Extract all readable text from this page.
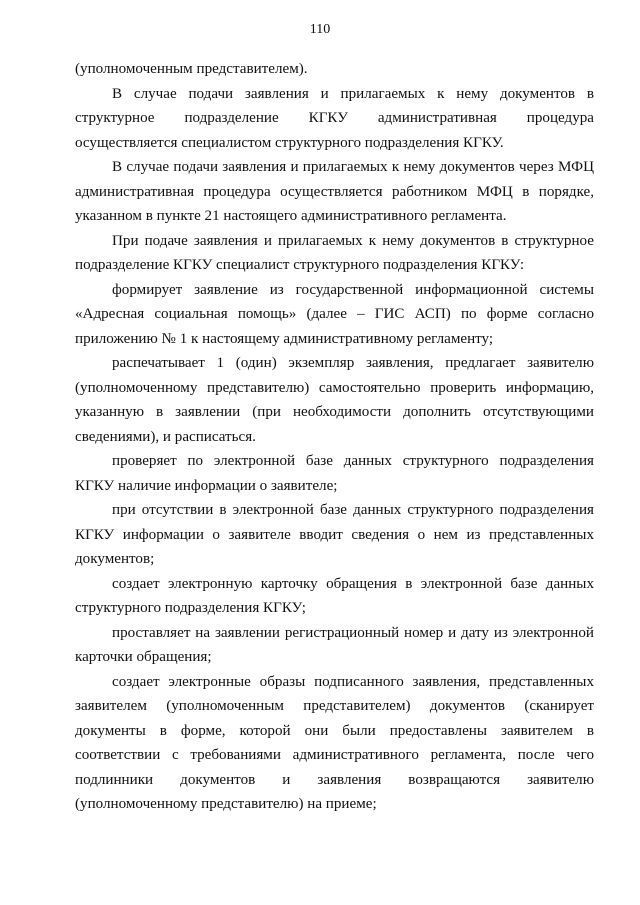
110

(уполномоченным представителем).

В случае подачи заявления и прилагаемых к нему документов в структурное подразделение КГКУ административная процедура осуществляется специалистом структурного подразделения КГКУ.

В случае подачи заявления и прилагаемых к нему документов через МФЦ административная процедура осуществляется работником МФЦ в порядке, указанном в пункте 21 настоящего административного регламента.

При подаче заявления и прилагаемых к нему документов в структурное подразделение КГКУ специалист структурного подразделения КГКУ:

формирует заявление из государственной информационной системы «Адресная социальная помощь» (далее – ГИС АСП) по форме согласно приложению № 1 к настоящему административному регламенту;

распечатывает 1 (один) экземпляр заявления, предлагает заявителю (уполномоченному представителю) самостоятельно проверить информацию, указанную в заявлении (при необходимости дополнить отсутствующими сведениями), и расписаться.

проверяет по электронной базе данных структурного подразделения КГКУ наличие информации о заявителе;

при отсутствии в электронной базе данных структурного подразделения КГКУ информации о заявителе вводит сведения о нем из представленных документов;

создает электронную карточку обращения в электронной базе данных структурного подразделения КГКУ;

проставляет на заявлении регистрационный номер и дату из электронной карточки обращения;

создает электронные образы подписанного заявления, представленных заявителем (уполномоченным представителем) документов (сканирует документы в форме, которой они были предоставлены заявителем в соответствии с требованиями административного регламента, после чего подлинники документов и заявления возвращаются заявителю (уполномоченному представителю) на приеме;
